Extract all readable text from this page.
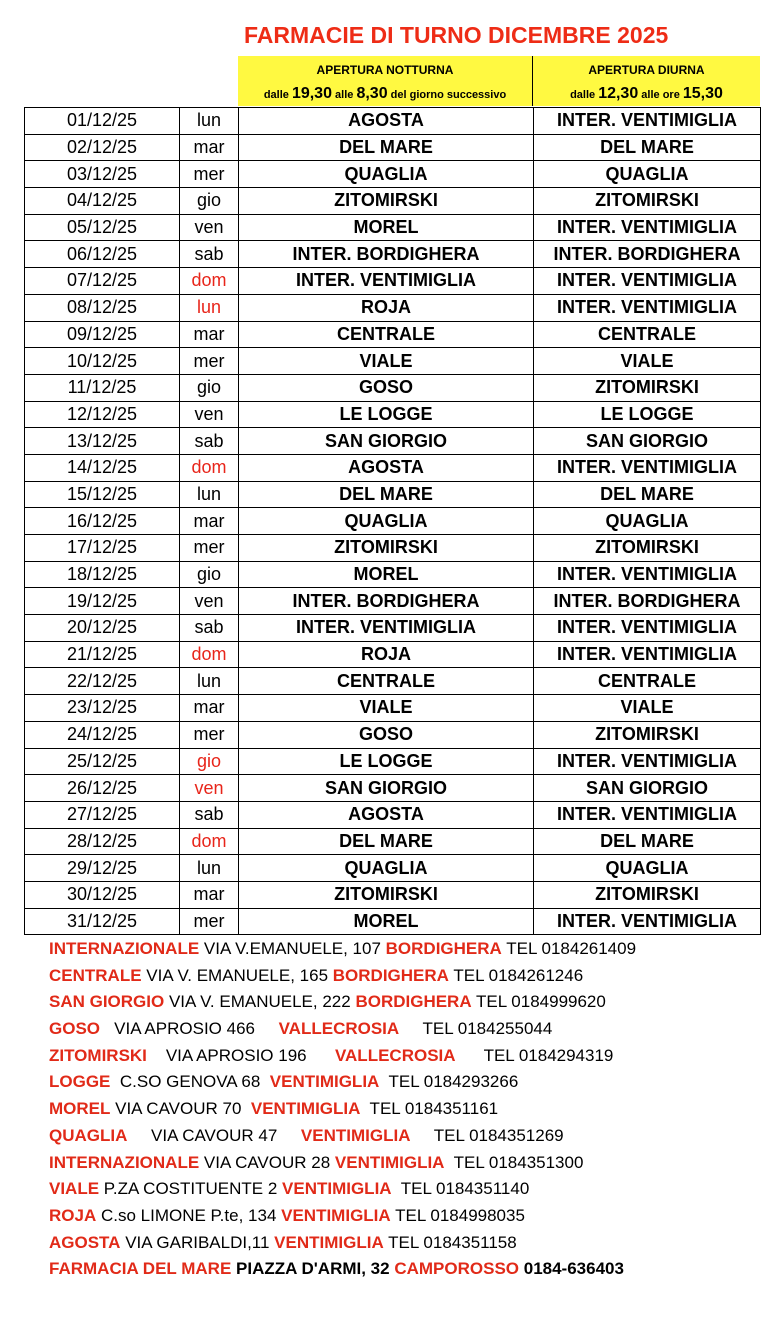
FARMACIE DI TURNO DICEMBRE 2025
APERTURA NOTTURNA
dalle 19,30 alle 8,30 del giorno successivo
APERTURA DIURNA
dalle 12,30 alle ore 15,30
01/12/25	lun	AGOSTA	INTER. VENTIMIGLIA
02/12/25	mar	DEL MARE	DEL MARE
03/12/25	mer	QUAGLIA	QUAGLIA
04/12/25	gio	ZITOMIRSKI	ZITOMIRSKI
05/12/25	ven	MOREL	INTER. VENTIMIGLIA
06/12/25	sab	INTER. BORDIGHERA	INTER. BORDIGHERA
07/12/25	dom	INTER. VENTIMIGLIA	INTER. VENTIMIGLIA
08/12/25	lun	ROJA	INTER. VENTIMIGLIA
09/12/25	mar	CENTRALE	CENTRALE
10/12/25	mer	VIALE	VIALE
11/12/25	gio	GOSO	ZITOMIRSKI
12/12/25	ven	LE LOGGE	LE LOGGE
13/12/25	sab	SAN GIORGIO	SAN GIORGIO
14/12/25	dom	AGOSTA	INTER. VENTIMIGLIA
15/12/25	lun	DEL MARE	DEL MARE
16/12/25	mar	QUAGLIA	QUAGLIA
17/12/25	mer	ZITOMIRSKI	ZITOMIRSKI
18/12/25	gio	MOREL	INTER. VENTIMIGLIA
19/12/25	ven	INTER. BORDIGHERA	INTER. BORDIGHERA
20/12/25	sab	INTER. VENTIMIGLIA	INTER. VENTIMIGLIA
21/12/25	dom	ROJA	INTER. VENTIMIGLIA
22/12/25	lun	CENTRALE	CENTRALE
23/12/25	mar	VIALE	VIALE
24/12/25	mer	GOSO	ZITOMIRSKI
25/12/25	gio	LE LOGGE	INTER. VENTIMIGLIA
26/12/25	ven	SAN GIORGIO	SAN GIORGIO
27/12/25	sab	AGOSTA	INTER. VENTIMIGLIA
28/12/25	dom	DEL MARE	DEL MARE
29/12/25	lun	QUAGLIA	QUAGLIA
30/12/25	mar	ZITOMIRSKI	ZITOMIRSKI
31/12/25	mer	MOREL	INTER. VENTIMIGLIA
INTERNAZIONALE VIA V.EMANUELE, 107 BORDIGHERA TEL 0184261409
CENTRALE VIA V. EMANUELE, 165 BORDIGHERA TEL 0184261246
SAN GIORGIO VIA V. EMANUELE, 222 BORDIGHERA TEL 0184999620
GOSO   VIA APROSIO 466     VALLECROSIA     TEL 0184255044
ZITOMIRSKI    VIA APROSIO 196      VALLECROSIA      TEL 0184294319
LOGGE  C.SO GENOVA 68  VENTIMIGLIA  TEL 0184293266
MOREL VIA CAVOUR 70  VENTIMIGLIA  TEL 0184351161
QUAGLIA     VIA CAVOUR 47     VENTIMIGLIA     TEL 0184351269
INTERNAZIONALE VIA CAVOUR 28 VENTIMIGLIA  TEL 0184351300
VIALE P.ZA COSTITUENTE 2 VENTIMIGLIA  TEL 0184351140
ROJA C.so LIMONE P.te, 134 VENTIMIGLIA TEL 0184998035
AGOSTA VIA GARIBALDI,11 VENTIMIGLIA TEL 0184351158
FARMACIA DEL MARE PIAZZA D'ARMI, 32 CAMPOROSSO 0184-636403
